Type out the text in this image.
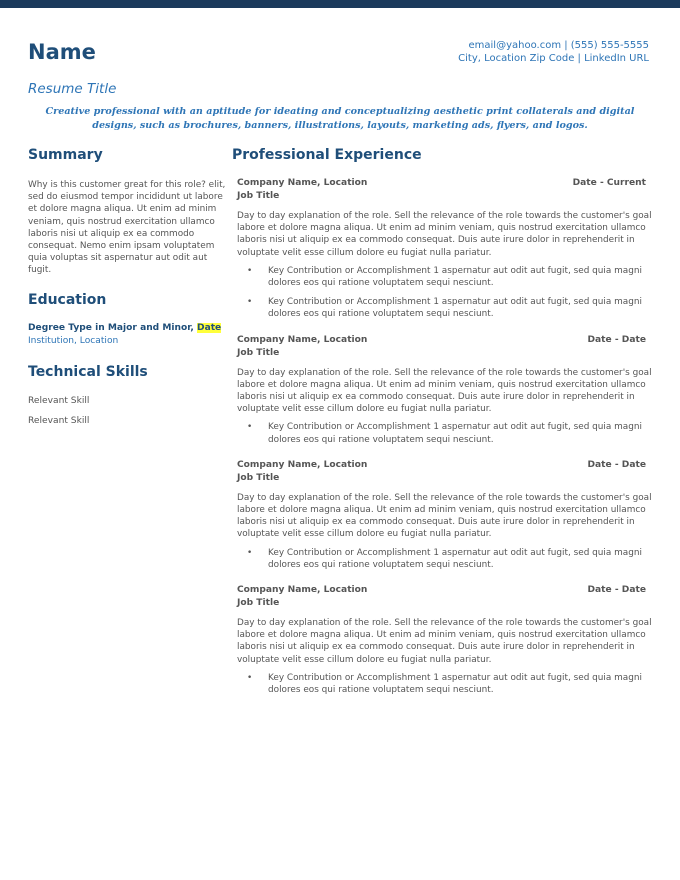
Name	email@yahoo.com | (555) 555-5555
City, Location Zip Code | LinkedIn URL
Resume Title
Creative professional with an aptitude for ideating and conceptualizing aesthetic print collaterals and digital designs, such as brochures, banners, illustrations, layouts, marketing ads, flyers, and logos.
Summary

Why is this customer great for this role? elit, sed do eiusmod tempor incididunt ut labore et dolore magna aliqua. Ut enim ad minim veniam, quis nostrud exercitation ullamco laboris nisi ut aliquip ex ea commodo consequat. Nemo enim ipsam voluptatem quia voluptas sit aspernatur aut odit aut fugit.

Education
Degree Type in Major and Minor, Date
Institution, Location
Technical Skills
Relevant Skill
Relevant Skill
Professional Experience
Company Name, Location	Date - Current
Job Title

Day to day explanation of the role. Sell the relevance of the role towards the customer's goal labore et dolore magna aliqua. Ut enim ad minim veniam, quis nostrud exercitation ullamco laboris nisi ut aliquip ex ea commodo consequat. Duis aute irure dolor in reprehenderit in voluptate velit esse cillum dolore eu fugiat nulla pariatur.

• Key Contribution or Accomplishment 1 aspernatur aut odit aut fugit, sed quia magni dolores eos qui ratione voluptatem sequi nesciunt.
• Key Contribution or Accomplishment 1 aspernatur aut odit aut fugit, sed quia magni dolores eos qui ratione voluptatem sequi nesciunt.
Company Name, Location	Date - Date
Job Title

Day to day explanation of the role. Sell the relevance of the role towards the customer's goal labore et dolore magna aliqua. Ut enim ad minim veniam, quis nostrud exercitation ullamco laboris nisi ut aliquip ex ea commodo consequat. Duis aute irure dolor in reprehenderit in voluptate velit esse cillum dolore eu fugiat nulla pariatur.

• Key Contribution or Accomplishment 1 aspernatur aut odit aut fugit, sed quia magni dolores eos qui ratione voluptatem sequi nesciunt.
Company Name, Location	Date - Date
Job Title

Day to day explanation of the role. Sell the relevance of the role towards the customer's goal labore et dolore magna aliqua. Ut enim ad minim veniam, quis nostrud exercitation ullamco laboris nisi ut aliquip ex ea commodo consequat. Duis aute irure dolor in reprehenderit in voluptate velit esse cillum dolore eu fugiat nulla pariatur.

• Key Contribution or Accomplishment 1 aspernatur aut odit aut fugit, sed quia magni dolores eos qui ratione voluptatem sequi nesciunt.
Company Name, Location	Date - Date
Job Title

Day to day explanation of the role. Sell the relevance of the role towards the customer's goal labore et dolore magna aliqua. Ut enim ad minim veniam, quis nostrud exercitation ullamco laboris nisi ut aliquip ex ea commodo consequat. Duis aute irure dolor in reprehenderit in voluptate velit esse cillum dolore eu fugiat nulla pariatur.

• Key Contribution or Accomplishment 1 aspernatur aut odit aut fugit, sed quia magni dolores eos qui ratione voluptatem sequi nesciunt.
